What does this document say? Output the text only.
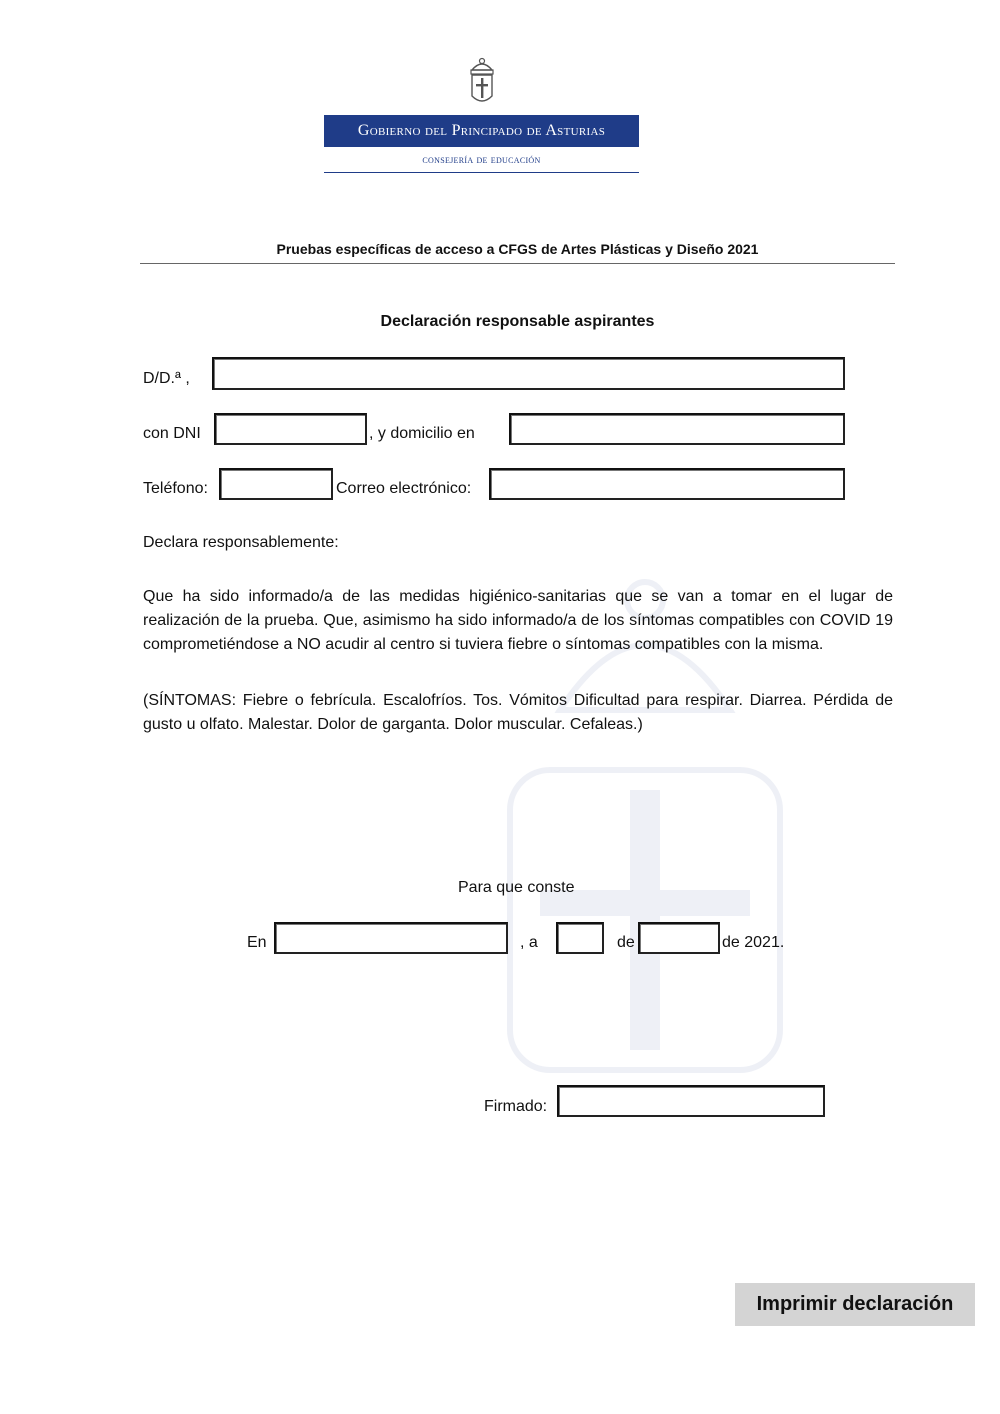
Gobierno del Principado de Asturias
consejería de educación
Pruebas específicas de acceso a CFGS de Artes Plásticas y Diseño 2021
Declaración responsable aspirantes
D/D.ª ,
con DNI	, y domicilio en
Teléfono:	Correo electrónico:
Declara responsablemente:
Que ha sido informado/a de las medidas higiénico-sanitarias que se van a tomar en el lugar de realización de la prueba. Que, asimismo ha sido informado/a de los síntomas compatibles con COVID 19 comprometiéndose a NO acudir al centro si tuviera fiebre o síntomas compatibles con la misma.
(SÍNTOMAS: Fiebre o febrícula. Escalofríos. Tos. Vómitos Dificultad para respirar. Diarrea. Pérdida de gusto u olfato. Malestar. Dolor de garganta. Dolor muscular. Cefaleas.)
Para que conste
En	, a	de	de 2021.
Firmado:
Imprimir declaración
